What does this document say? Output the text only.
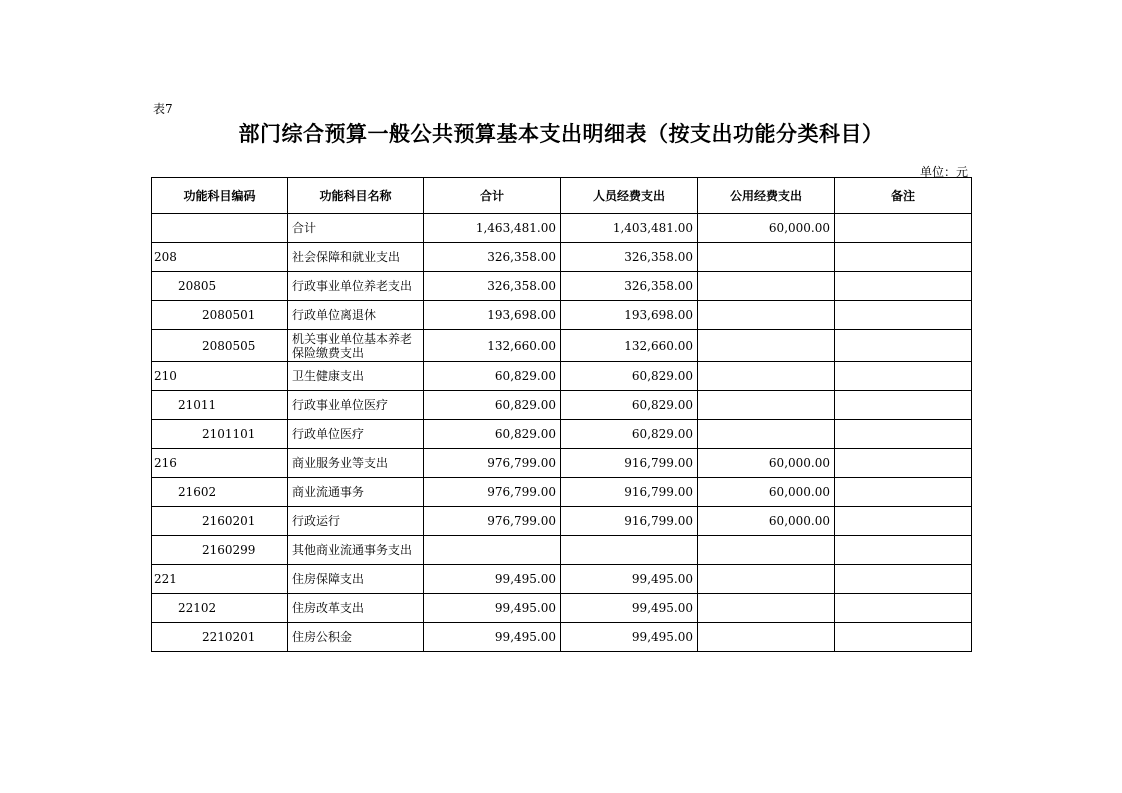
表7
部门综合预算一般公共预算基本支出明细表（按支出功能分类科目）
单位：元
功能科目编码	功能科目名称	合计	人员经费支出	公用经费支出	备注
	合计	1,463,481.00	1,403,481.00	60,000.00	
208	社会保障和就业支出	326,358.00	326,358.00		
20805	行政事业单位养老支出	326,358.00	326,358.00		
2080501	行政单位离退休	193,698.00	193,698.00		
2080505	机关事业单位基本养老保险缴费支出	132,660.00	132,660.00		
210	卫生健康支出	60,829.00	60,829.00		
21011	行政事业单位医疗	60,829.00	60,829.00		
2101101	行政单位医疗	60,829.00	60,829.00		
216	商业服务业等支出	976,799.00	916,799.00	60,000.00	
21602	商业流通事务	976,799.00	916,799.00	60,000.00	
2160201	行政运行	976,799.00	916,799.00	60,000.00	
2160299	其他商业流通事务支出				
221	住房保障支出	99,495.00	99,495.00		
22102	住房改革支出	99,495.00	99,495.00		
2210201	住房公积金	99,495.00	99,495.00		
